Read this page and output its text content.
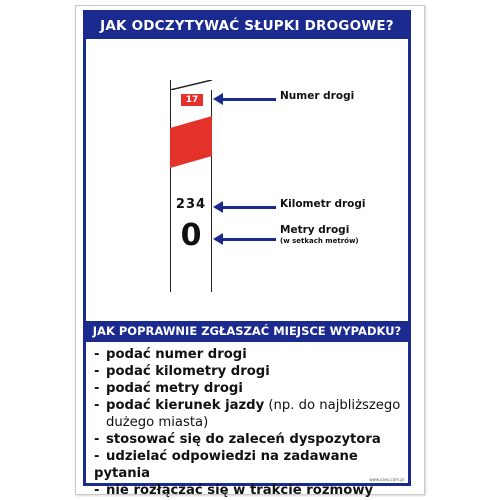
JAK ODCZYTYWAĆ SŁUPKI DROGOWE?
17
234
0
Numer drogi
Kilometr drogi
Metry drogi
(w setkach metrów)
JAK POPRAWNIE ZGŁASZAĆ MIEJSCE WYPADKU?
- podać numer drogi
- podać kilometry drogi
- podać metry drogi
- podać kierunek jazdy (np. do najbliższego
dużego miasta)
- stosować się do zaleceń dyspozytora
- udzielać odpowiedzi na zadawane pytania
- nie rozłączać się w trakcie rozmowy
www.sans.com.pl
